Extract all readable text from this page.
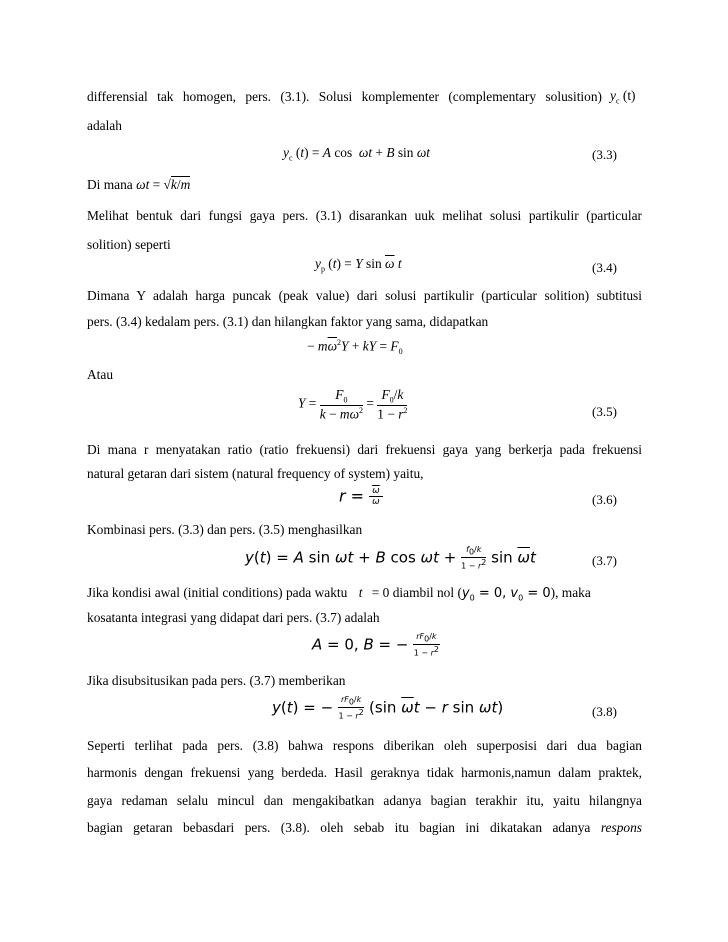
differensial tak homogen, pers. (3.1). Solusi komplementer (complementary solusition) $y_c$ (t)
adalah
$y_c$ (t) = A cos  ωt + B sin ωt	(3.3)
Di mana ωt = √k/m
Melihat bentuk dari fungsi gaya pers. (3.1) disarankan uuk melihat solusi partikulir (particular
solition) seperti
$y_p$ (t) = Y $\sin \overline{\omega}$ t	(3.4)
Dimana Y adalah harga puncak (peak value) dari solusi partikulir (particular solition) subtitusi
pers. (3.4) kedalam pers. (3.1) dan hilangkan faktor yang sama, didapatkan
− $m\overline{\omega}^2Y$ + kY = $F_0$
Atau
$Y = \frac{F_0}{k - m\overline{\omega}^2} = \frac{F_0/k}{1 - r^2}$	(3.5)
Di mana r menyatakan ratio (ratio frekuensi) dari frekuensi gaya yang berkerja pada frekuensi
natural getaran dari sistem (natural frequency of system) yaitu,
$r = \frac{\overline{\omega}}{\omega}$	(3.6)
Kombinasi pers. (3.3) dan pers. (3.5) menghasilkan
y(t) = A sin ωt + B $\cos \omega t + \frac{f_0/k}{1 - r^2}$ $\sin \overline{\omega}t$	(3.7)
Jika kondisi awal (initial conditions) pada waktu t = 0 diambil nol ($y_0 = 0$, $v_0 = 0$), maka
kosatanta integrasi yang didapat dari pers. (3.7) adalah
A = 0, B = − $\frac{rF_0/k}{1 - r^2}$
Jika disubsitusikan pada pers. (3.7) memberikan
y(t) = − $\frac{rF_0/k}{1 - r^2} (\sin$ $\overline{\omega}t - r$ sin ωt)	(3.8)
Seperti terlihat pada pers. (3.8) bahwa respons diberikan oleh superposisi dari dua bagian
harmonis dengan frekuensi yang berdeda. Hasil geraknya tidak harmonis,namun dalam praktek,
gaya redaman selalu mincul dan mengakibatkan adanya bagian terakhir itu, yaitu hilangnya
bagian getaran bebasdari pers. (3.8). oleh sebab itu bagian ini dikatakan adanya respons
